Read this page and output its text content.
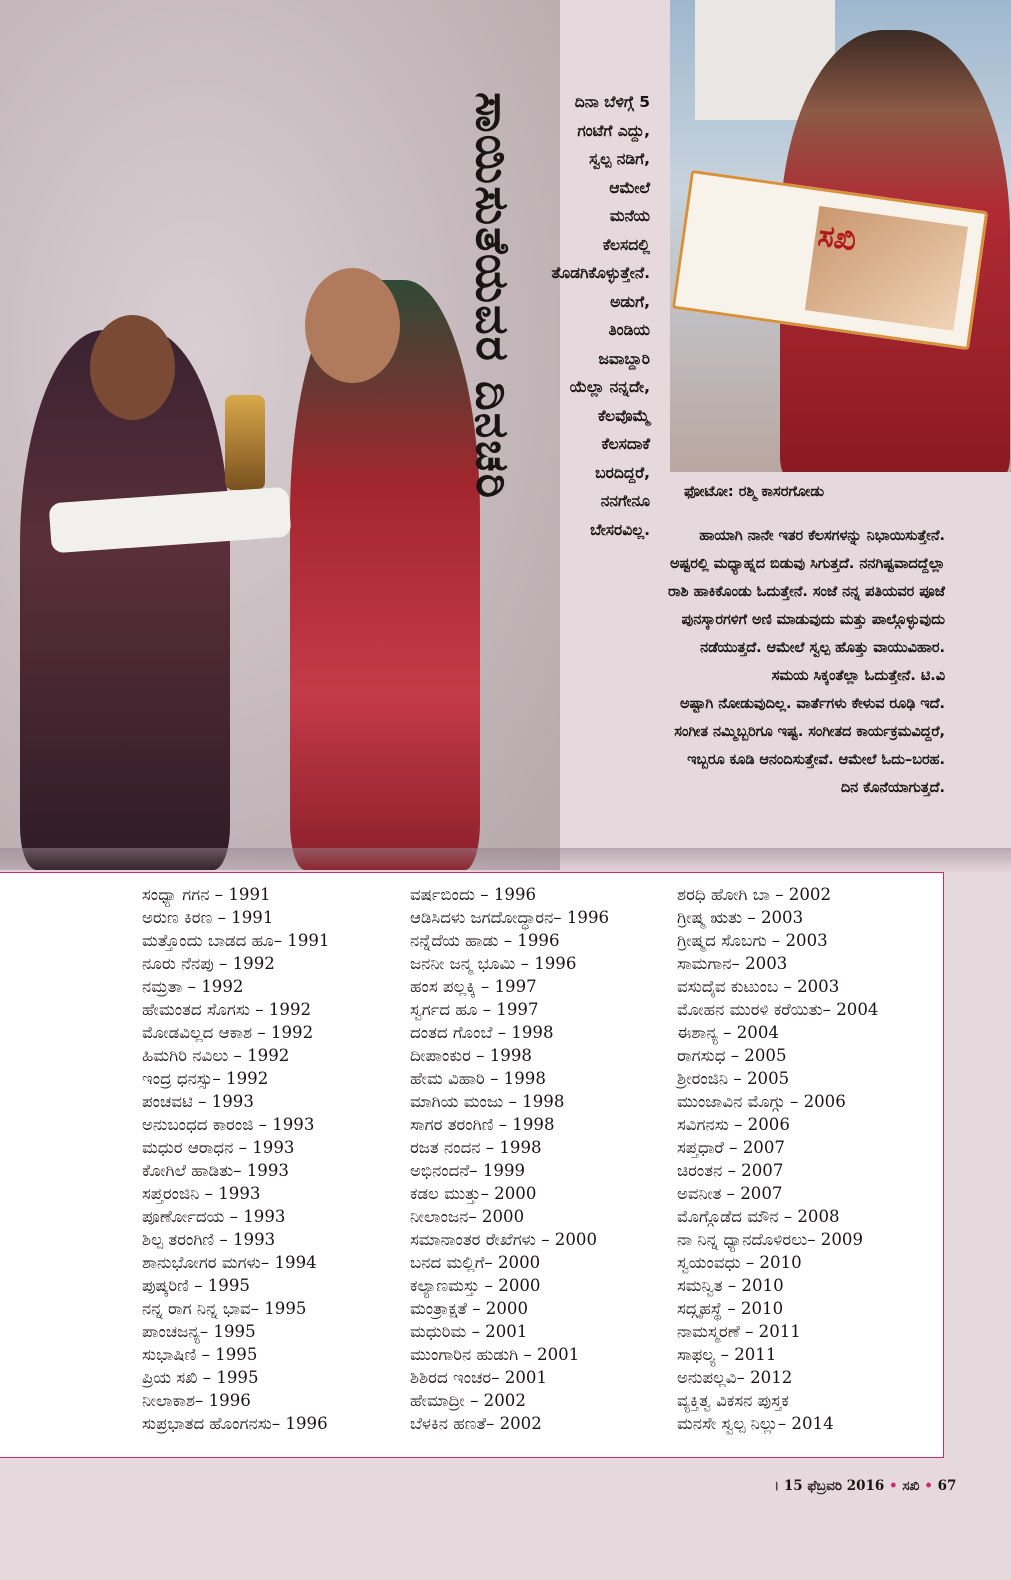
ಸಖಿ
ಸಾಯಿಸುತೆಯವರ ದಿನಚರಿ	ದಿನಾ ಬೆಳಿಗ್ಗೆ 5
ಗಂಟೆಗೆ ಎದ್ದು,
ಸ್ವಲ್ಪ ನಡಿಗೆ,
ಆಮೇಲೆ
ಮನೆಯ
ಕೆಲಸದಲ್ಲಿ
ತೊಡಗಿಕೊಳ್ಳುತ್ತೇನೆ.
ಅಡುಗೆ,
ತಿಂಡಿಯ
ಜವಾಬ್ದಾರಿ
ಯೆಲ್ಲಾ ನನ್ನದೇ,
ಕೆಲವೊಮ್ಮೆ
ಕೆಲಸದಾಕೆ
ಬರದಿದ್ದರೆ,
ನನಗೇನೂ
ಬೇಸರವಿಲ್ಲ.
ಫೋಟೋ: ರಶ್ಮಿ ಕಾಸರಗೋಡು
ಹಾಯಾಗಿ ನಾನೇ ಇತರ ಕೆಲಸಗಳನ್ನು ನಿಭಾಯಿಸುತ್ತೇನೆ.
ಅಷ್ಟರಲ್ಲಿ ಮಧ್ಯಾಹ್ನದ ಬಿಡುವು ಸಿಗುತ್ತದೆ. ನನಗಿಷ್ಟವಾದದ್ದೆಲ್ಲಾ
ರಾಶಿ ಹಾಕಿಕೊಂಡು ಓದುತ್ತೇನೆ. ಸಂಜೆ ನನ್ನ ಪತಿಯವರ ಪೂಜೆ
ಪುನಸ್ಕಾರಗಳಿಗೆ ಅಣಿ ಮಾಡುವುದು ಮತ್ತು ಪಾಲ್ಗೊಳ್ಳುವುದು
ನಡೆಯುತ್ತದೆ. ಆಮೇಲೆ ಸ್ವಲ್ಪ ಹೊತ್ತು ವಾಯುವಿಹಾರ.
ಸಮಯ ಸಿಕ್ಕಂತೆಲ್ಲಾ ಓದುತ್ತೇನೆ. ಟಿ.ವಿ
ಅಷ್ಟಾಗಿ ನೋಡುವುದಿಲ್ಲ. ವಾರ್ತೆಗಳು ಕೇಳುವ ರೂಢಿ ಇದೆ.
ಸಂಗೀತ ನಮ್ಮಿಬ್ಬರಿಗೂ ಇಷ್ಟ. ಸಂಗೀತದ ಕಾರ್ಯಕ್ರಮವಿದ್ದರೆ,
ಇಬ್ಬರೂ ಕೂಡಿ ಆನಂದಿಸುತ್ತೇವೆ. ಆಮೇಲೆ ಓದು–ಬರಹ.
ದಿನ ಕೊನೆಯಾಗುತ್ತದೆ.
ಸಂಧ್ಯಾ ಗಗನ – 1991
ಅರುಣ ಕಿರಣ – 1991
ಮತ್ತೊಂದು ಬಾಡದ ಹೂ– 1991
ನೂರು ನೆನಪು – 1992
ನಮ್ರತಾ – 1992
ಹೇಮಂತದ ಸೊಗಸು – 1992
ಮೋಡವಿಲ್ಲದ ಆಕಾಶ – 1992
ಹಿಮಗಿರಿ ನವಿಲು – 1992
ಇಂದ್ರ ಧನಸ್ಸು– 1992
ಪಂಚವಟಿ – 1993
ಅನುಬಂಧದ ಕಾರಂಜಿ – 1993
ಮಧುರ ಆರಾಧನ – 1993
ಕೋಗಿಲೆ ಹಾಡಿತು– 1993
ಸಪ್ತರಂಜಿನಿ – 1993
ಪೂರ್ಣೋದಯ – 1993
ಶಿಲ್ಪ ತರಂಗಿಣಿ – 1993
ಶಾನುಭೋಗರ ಮಗಳು– 1994
ಪುಷ್ಕರಿಣಿ – 1995
ನನ್ನ ರಾಗ ನಿನ್ನ ಭಾವ– 1995
ಪಾಂಚಜನ್ಯ– 1995
ಸುಭಾಷಿಣಿ – 1995
ಪ್ರಿಯ ಸಖಿ – 1995
ನೀಲಾಕಾಶ– 1996
ಸುಪ್ರಭಾತದ ಹೊಂಗನಸು– 1996
ವರ್ಷಬಿಂದು – 1996
ಆಡಿಸಿದಳು ಜಗದೋದ್ಧಾರನ– 1996
ನನ್ನೆದೆಯ ಹಾಡು – 1996
ಜನನೀ ಜನ್ಮ ಭೂಮಿ – 1996
ಹಂಸ ಪಲ್ಲಕ್ಕಿ – 1997
ಸ್ವರ್ಗದ ಹೂ – 1997
ದಂತದ ಗೊಂಬೆ – 1998
ದೀಪಾಂಕುರ – 1998
ಹೇಮ ವಿಹಾರಿ – 1998
ಮಾಗಿಯ ಮಂಜು – 1998
ಸಾಗರ ತರಂಗಿಣಿ – 1998
ರಜತ ನಂದನ – 1998
ಅಭಿನಂದನೆ– 1999
ಕಡಲ ಮುತ್ತು– 2000
ನೀಲಾಂಜನ– 2000
ಸಮಾನಾಂತರ ರೇಖೆಗಳು – 2000
ಬನದ ಮಲ್ಲಿಗೆ– 2000
ಕಲ್ಯಾಣಮಸ್ತು – 2000
ಮಂತ್ರಾಕ್ಷತೆ – 2000
ಮಧುರಿಮ – 2001
ಮುಂಗಾರಿನ ಹುಡುಗಿ – 2001
ಶಿಶಿರದ ಇಂಚರ– 2001
ಹೇಮಾದ್ರೀ – 2002
ಬೆಳಕಿನ ಹಣತೆ– 2002
ಶರಧಿ ಹೋಗಿ ಬಾ – 2002
ಗ್ರೀಷ್ಮ ಋತು – 2003
ಗ್ರೀಷ್ಮದ ಸೊಬಗು – 2003
ಸಾಮಗಾನ– 2003
ವಸುದೈವ ಕುಟುಂಬ – 2003
ಮೋಹನ ಮುರಳಿ ಕರೆಯಿತು– 2004
ಈಶಾನ್ಯ – 2004
ರಾಗಸುಧ – 2005
ಶ್ರೀರಂಜಿನಿ – 2005
ಮುಂಜಾವಿನ ಮೊಗ್ಗು – 2006
ಸವಿಗನಸು – 2006
ಸಪ್ತಧಾರೆ – 2007
ಚಿರಂತನ – 2007
ಅವನೀತ – 2007
ಮೊಗ್ಗೊಡೆದ ಮೌನ – 2008
ನಾ ನಿನ್ನ ಧ್ಯಾನದೊಳಿರಲು– 2009
ಸ್ವಯಂವಧು – 2010
ಸಮನ್ವಿತ – 2010
ಸದ್ಗೃಹಸ್ಥೆ – 2010
ನಾಮಸ್ಮರಣೆ – 2011
ಸಾಫಲ್ಯ – 2011
ಅನುಪಲ್ಲವಿ– 2012
ವ್ಯಕ್ತಿತ್ವ ವಿಕಸನ ಪುಸ್ತಕ
ಮನಸೇ ಸ್ವಲ್ಪ ನಿಲ್ಲು– 2014
। 15 ಫೆಬ್ರವರಿ 2016 • ಸಖಿ • 67
